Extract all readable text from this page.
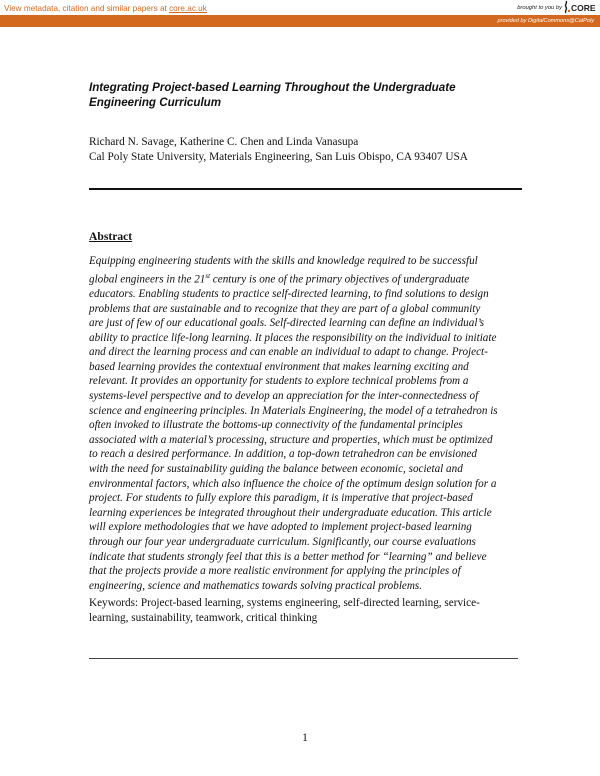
View metadata, citation and similar papers at core.ac.uk	brought to you by CORE
provided by DigitalCommons@CalPoly
Integrating Project-based Learning Throughout the Undergraduate
Engineering Curriculum
Richard N. Savage, Katherine C. Chen and Linda Vanasupa
Cal Poly State University, Materials Engineering, San Luis Obispo, CA 93407 USA
Abstract
Equipping engineering students with the skills and knowledge required to be successful
global engineers in the 21st century is one of the primary objectives of undergraduate
educators. Enabling students to practice self-directed learning, to find solutions to design
problems that are sustainable and to recognize that they are part of a global community
are just of few of our educational goals. Self-directed learning can define an individual’s
ability to practice life-long learning. It places the responsibility on the individual to initiate
and direct the learning process and can enable an individual to adapt to change. Project-
based learning provides the contextual environment that makes learning exciting and
relevant. It provides an opportunity for students to explore technical problems from a
systems-level perspective and to develop an appreciation for the inter-connectedness of
science and engineering principles. In Materials Engineering, the model of a tetrahedron is
often invoked to illustrate the bottoms-up connectivity of the fundamental principles
associated with a material’s processing, structure and properties, which must be optimized
to reach a desired performance. In addition, a top-down tetrahedron can be envisioned
with the need for sustainability guiding the balance between economic, societal and
environmental factors, which also influence the choice of the optimum design solution for a
project. For students to fully explore this paradigm, it is imperative that project-based
learning experiences be integrated throughout their undergraduate education. This article
will explore methodologies that we have adopted to implement project-based learning
through our four year undergraduate curriculum. Significantly, our course evaluations
indicate that students strongly feel that this is a better method for “learning” and believe
that the projects provide a more realistic environment for applying the principles of
engineering, science and mathematics towards solving practical problems.
Keywords: Project-based learning, systems engineering, self-directed learning, service-
learning, sustainability, teamwork, critical thinking
1
